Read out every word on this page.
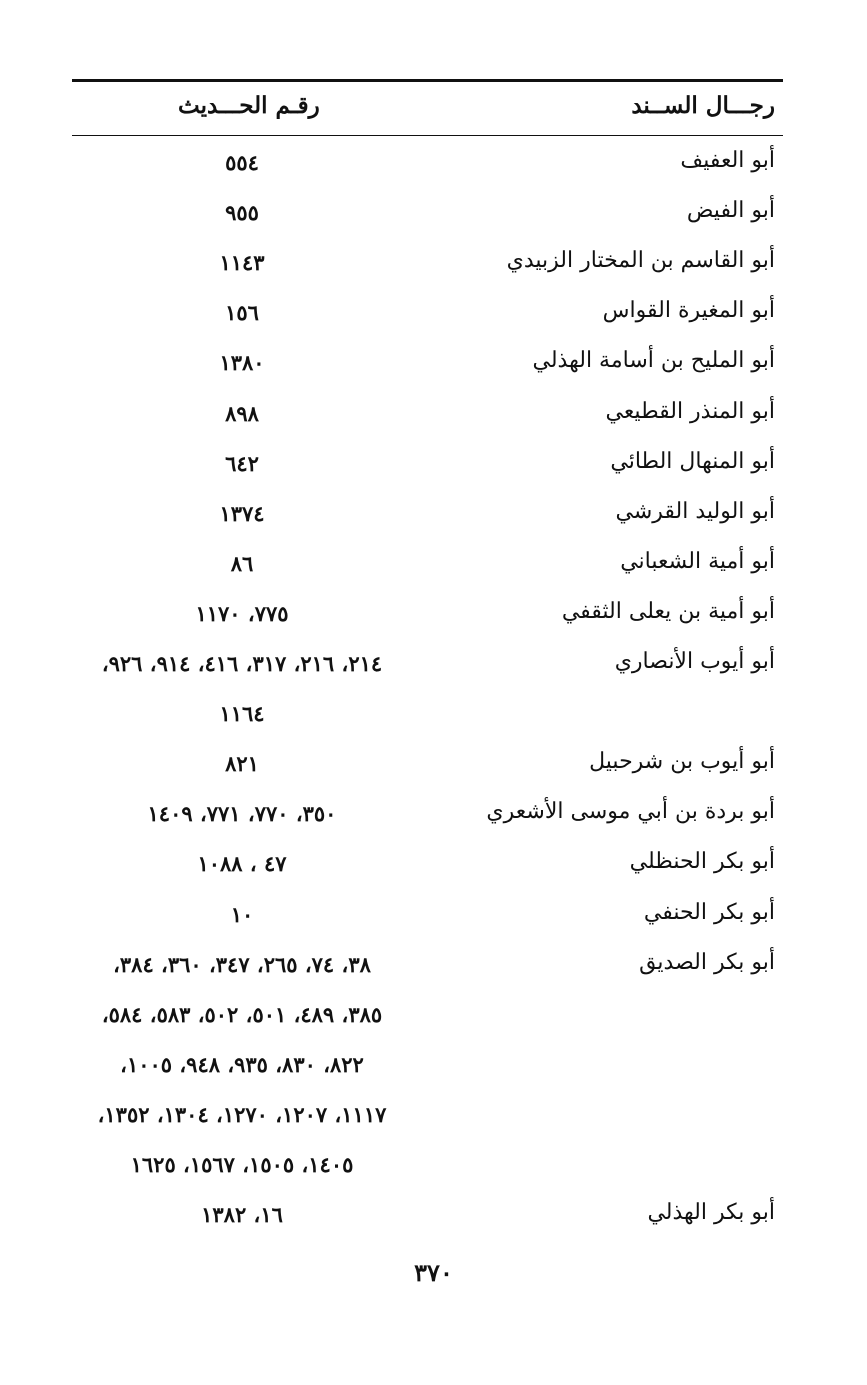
رجـــال الســند
رقـم الحـــديث
أبو العفيف
٥٥٤
أبو الفيض
٩٥٥
أبو القاسم بن المختار الزبيدي
١١٤٣
أبو المغيرة القواس
١٥٦
أبو المليح بن أسامة الهذلي
١٣٨٠
أبو المنذر القطيعي
٨٩٨
أبو المنهال الطائي
٦٤٢
أبو الوليد القرشي
١٣٧٤
أبو أمية الشعباني
٨٦
أبو أمية بن يعلى الثقفي
٧٧٥، ١١٧٠
أبو أيوب الأنصاري
٢١٤، ٢١٦، ٣١٧، ٤١٦، ٩١٤، ٩٢٦،
١١٦٤
أبو أيوب بن شرحبيل
٨٢١
أبو بردة بن أبي موسى الأشعري
٣٥٠، ٧٧٠، ٧٧١، ١٤٠٩
أبو بكر الحنظلي
٤٧ ، ١٠٨٨
أبو بكر الحنفي
١٠
أبو بكر الصديق
٣٨، ٧٤، ٢٦٥، ٣٤٧، ٣٦٠، ٣٨٤،
٣٨٥، ٤٨٩، ٥٠١، ٥٠٢، ٥٨٣، ٥٨٤،
٨٢٢، ٨٣٠، ٩٣٥، ٩٤٨، ١٠٠٥،
١١١٧، ١٢٠٧، ١٢٧٠، ١٣٠٤، ١٣٥٢،
١٤٠٥، ١٥٠٥، ١٥٦٧، ١٦٢٥
أبو بكر الهذلي
١٦، ١٣٨٢
٣٧٠
